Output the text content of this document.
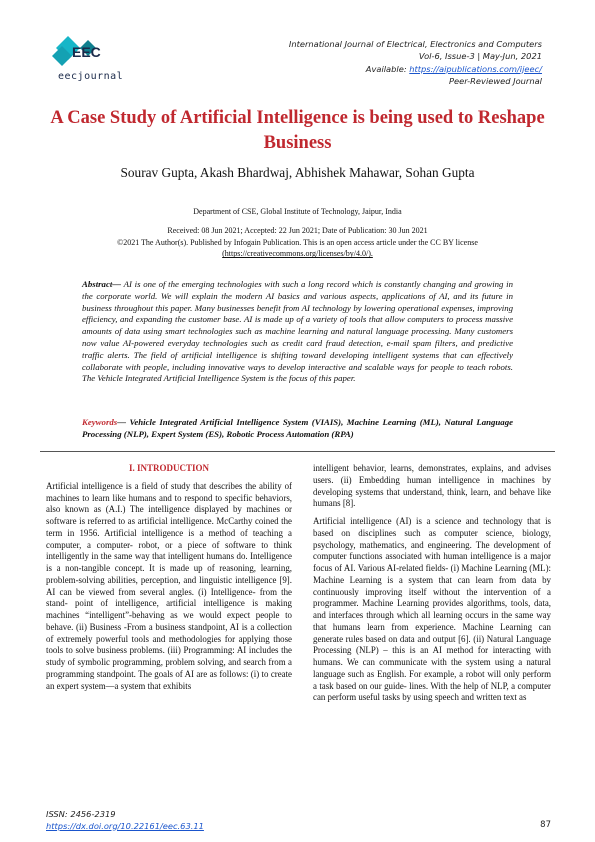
EEC
eecjournal
International Journal of Electrical, Electronics and Computers
Vol-6, Issue-3 | May-Jun, 2021
Available: https://aipublications.com/ijeec/
Peer-Reviewed Journal
A Case Study of Artificial Intelligence is being used to Reshape Business
Sourav Gupta, Akash Bhardwaj, Abhishek Mahawar, Sohan Gupta
Department of CSE, Global Institute of Technology, Jaipur, India
Received: 08 Jun 2021; Accepted: 22 Jun 2021; Date of Publication: 30 Jun 2021
©2021 The Author(s). Published by Infogain Publication. This is an open access article under the CC BY license
(https://creativecommons.org/licenses/by/4.0/).
Abstract— AI is one of the emerging technologies with such a long record which is constantly changing and growing in the corporate world. We will explain the modern AI basics and various aspects, applications of AI, and its future in business throughout this paper. Many businesses benefit from AI technology by lowering operational expenses, improving efficiency, and expanding the customer base. AI is made up of a variety of tools that allow computers to process massive amounts of data using smart technologies such as machine learning and natural language processing. Many customers now value AI-powered everyday technologies such as credit card fraud detection, e-mail spam filters, and predictive traffic alerts. The field of artificial intelligence is shifting toward developing intelligent systems that can effectively collaborate with people, including innovative ways to develop interactive and scalable ways for people to teach robots. The Vehicle Integrated Artificial Intelligence System is the focus of this paper.
Keywords— Vehicle Integrated Artificial Intelligence System (VIAIS), Machine Learning (ML), Natural Language Processing (NLP), Expert System (ES), Robotic Process Automation (RPA)
I. INTRODUCTION

Artificial intelligence is a field of study that describes the ability of machines to learn like humans and to respond to specific behaviors, also known as (A.I.) The intelligence displayed by machines or software is referred to as artificial intelligence. McCarthy coined the term in 1956. Artificial intelligence is a method of teaching a computer, a computer- robot, or a piece of software to think intelligently in the same way that intelligent humans do. Intelligence is a non-tangible concept. It is made up of reasoning, learning, problem-solving abilities, perception, and linguistic intelligence [9]. AI can be viewed from several angles. (i) Intelligence- from the stand- point of intelligence, artificial intelligence is making machines “intelligent”-behaving as we would expect people to behave. (ii) Business -From a business standpoint, AI is a collection of extremely powerful tools and methodologies for applying those tools to solve business problems. (iii) Programming: AI includes the study of symbolic programming, problem solving, and search from a programming standpoint. The goals of AI are as follows: (i) to create an expert system—a system that exhibits

intelligent behavior, learns, demonstrates, explains, and advises users. (ii) Embedding human intelligence in machines by developing systems that understand, think, learn, and behave like humans [8].

Artificial intelligence (AI) is a science and technology that is based on disciplines such as computer science, biology, psychology, mathematics, and engineering. The development of computer functions associated with human intelligence is a major focus of AI. Various AI-related fields- (i) Machine Learning (ML): Machine Learning is a system that can learn from data by continuously improving itself without the intervention of a programmer. Machine Learning provides algorithms, tools, data, and interfaces through which all learning occurs in the same way that humans learn from experience. Machine Learning can generate rules based on data and output [6]. (ii) Natural Language Processing (NLP) – this is an AI method for interacting with humans. We can communicate with the system using a natural language such as English. For example, a robot will only perform a task based on our guide- lines. With the help of NLP, a computer can perform useful tasks by using speech and written text as

ISSN: 2456-2319
https://dx.doi.org/10.22161/eec.63.11	87
